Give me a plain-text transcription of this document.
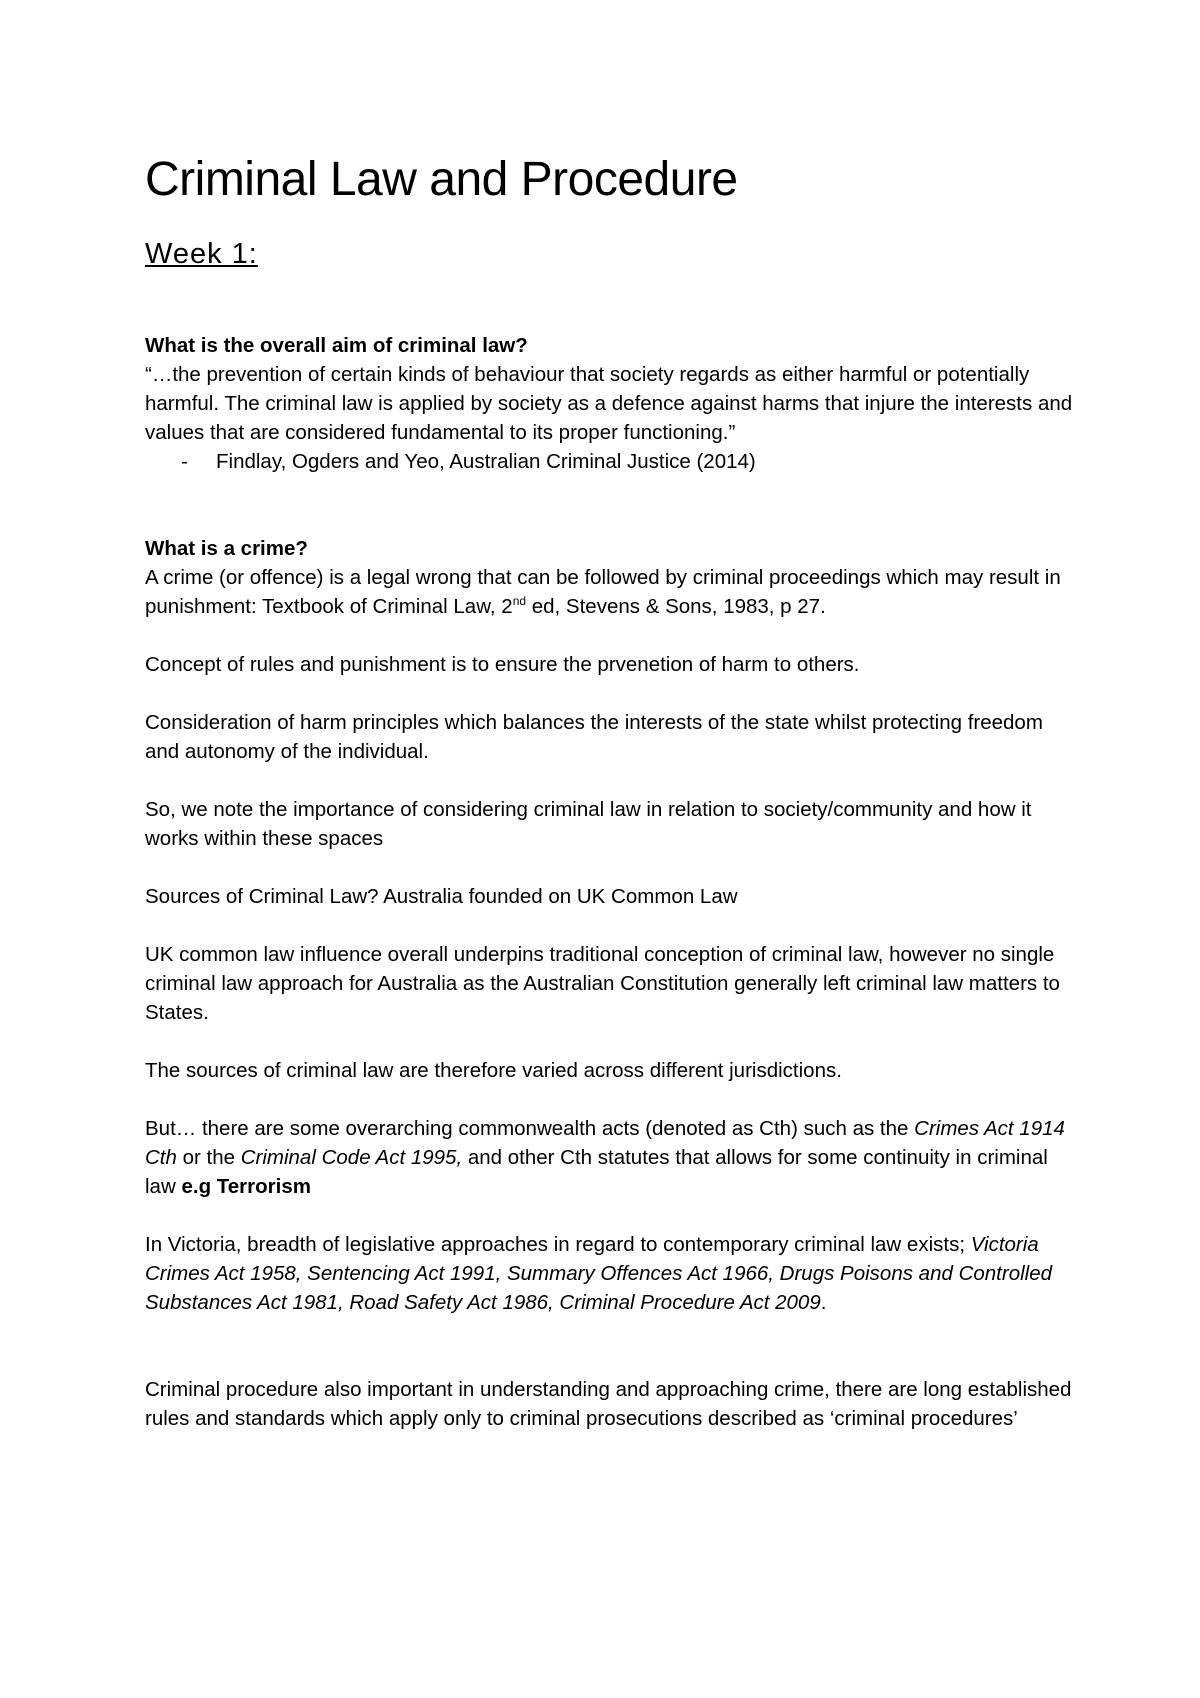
Criminal Law and Procedure

Week 1:

What is the overall aim of criminal law?

“…the prevention of certain kinds of behaviour that society regards as either harmful or potentially harmful. The criminal law is applied by society as a defence against harms that injure the interests and values that are considered fundamental to its proper functioning.”

- Findlay, Ogders and Yeo, Australian Criminal Justice (2014)

What is a crime?

A crime (or offence) is a legal wrong that can be followed by criminal proceedings which may result in punishment: Textbook of Criminal Law, 2nd ed, Stevens & Sons, 1983, p 27.

Concept of rules and punishment is to ensure the prvenetion of harm to others.

Consideration of harm principles which balances the interests of the state whilst protecting freedom and autonomy of the individual.

So, we note the importance of considering criminal law in relation to society/community and how it works within these spaces

Sources of Criminal Law? Australia founded on UK Common Law

UK common law influence overall underpins traditional conception of criminal law, however no single criminal law approach for Australia as the Australian Constitution generally left criminal law matters to States.

The sources of criminal law are therefore varied across different jurisdictions.

But… there are some overarching commonwealth acts (denoted as Cth) such as the Crimes Act 1914 Cth or the Criminal Code Act 1995, and other Cth statutes that allows for some continuity in criminal law e.g Terrorism

In Victoria, breadth of legislative approaches in regard to contemporary criminal law exists; Victoria Crimes Act 1958, Sentencing Act 1991, Summary Offences Act 1966, Drugs Poisons and Controlled Substances Act 1981, Road Safety Act 1986, Criminal Procedure Act 2009.

Criminal procedure also important in understanding and approaching crime, there are long established rules and standards which apply only to criminal prosecutions described as ‘criminal procedures’
